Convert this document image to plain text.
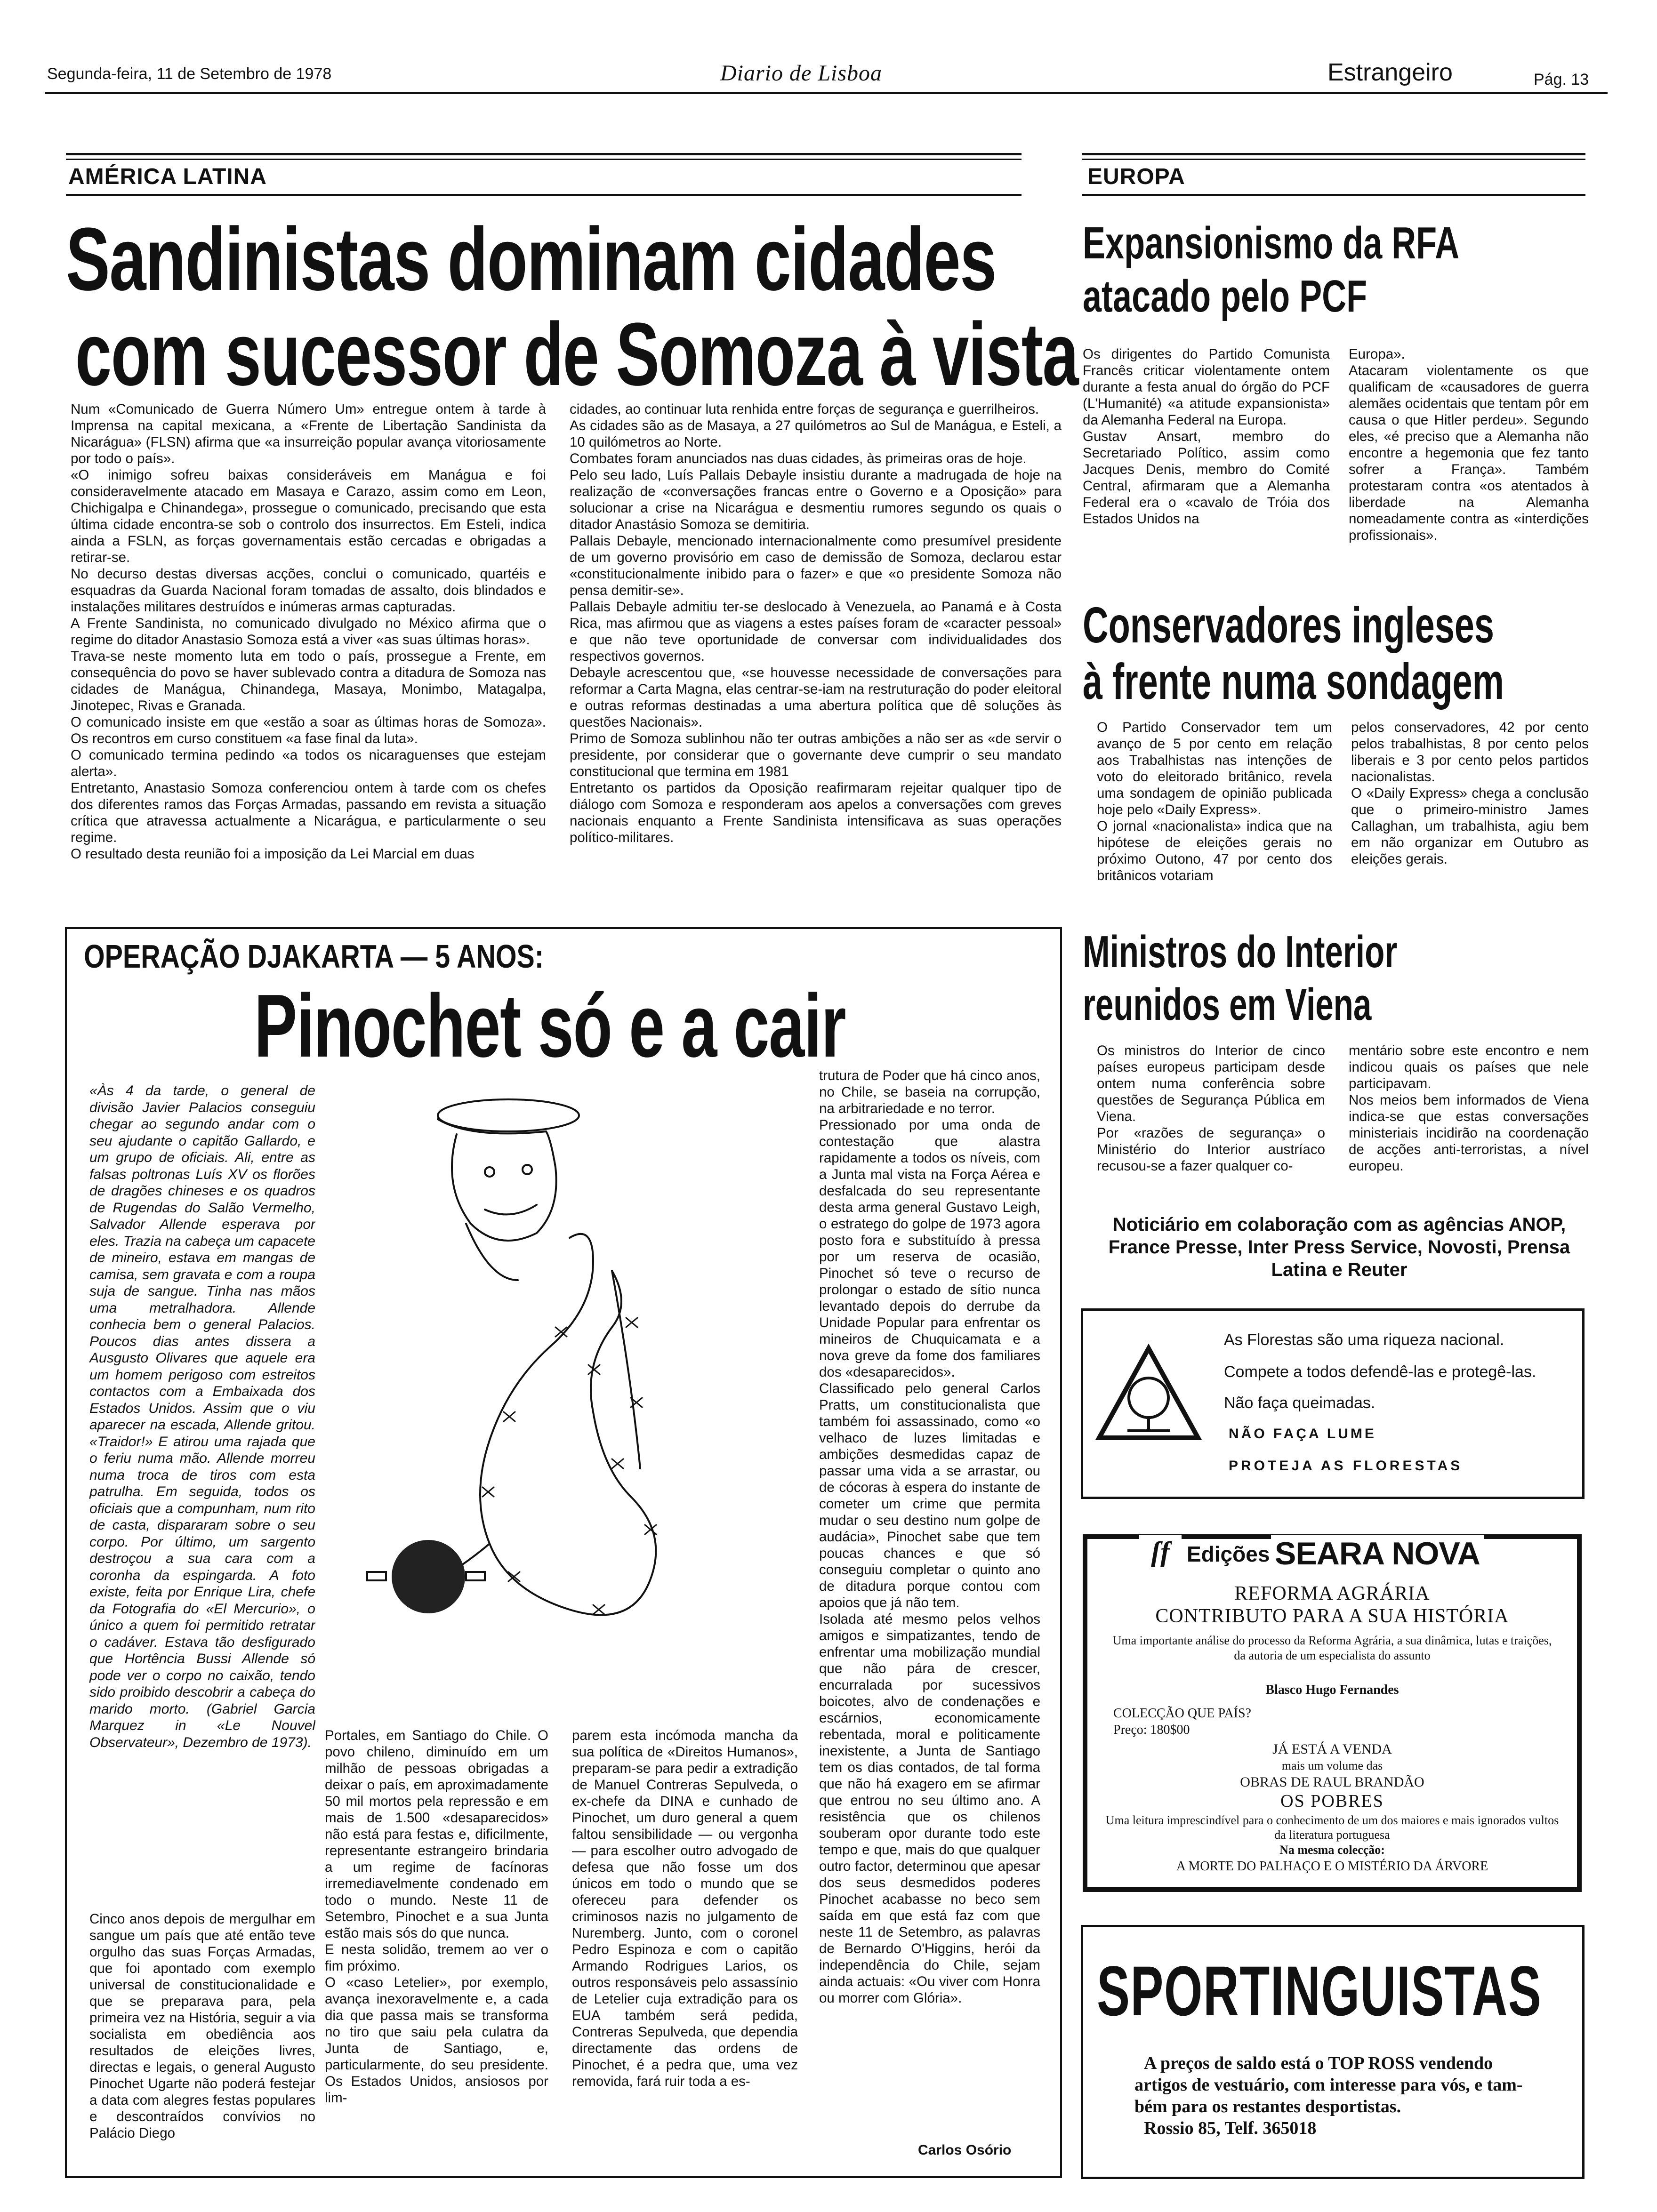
Segunda-feira, 11 de Setembro de 1978	Diario de Lisboa	Estrangeiro	Pág. 13
AMÉRICA LATINA
Sandinistas dominam cidades
com sucessor de Somoza à vista
Num «Comunicado de Guerra Número Um» entregue ontem à tarde à Imprensa na capital mexicana, a «Frente de Libertação Sandinista da Nicarágua» (FLSN) afirma que «a insurreição popular avança vitoriosamente por todo o país».
«O inimigo sofreu baixas consideráveis em Manágua e foi consideravelmente atacado em Masaya e Carazo, assim como em Leon, Chichigalpa e Chinandega», prossegue o comunicado, precisando que esta última cidade encontra-se sob o controlo dos insurrectos. Em Esteli, indica ainda a FSLN, as forças governamentais estão cercadas e obrigadas a retirar-se.
No decurso destas diversas acções, conclui o comunicado, quartéis e esquadras da Guarda Nacional foram tomadas de assalto, dois blindados e instalações militares destruídos e inúmeras armas capturadas.
A Frente Sandinista, no comunicado divulgado no México afirma que o regime do ditador Anastasio Somoza está a viver «as suas últimas horas».
Trava-se neste momento luta em todo o país, prossegue a Frente, em consequência do povo se haver sublevado contra a ditadura de Somoza nas cidades de Manágua, Chinandega, Masaya, Monimbo, Matagalpa, Jinotepec, Rivas e Granada.
O comunicado insiste em que «estão a soar as últimas horas de Somoza». Os recontros em curso constituem «a fase final da luta».
O comunicado termina pedindo «a todos os nicaraguenses que estejam alerta».
Entretanto, Anastasio Somoza conferenciou ontem à tarde com os chefes dos diferentes ramos das Forças Armadas, passando em revista a situação crítica que atravessa actualmente a Nicarágua, e particularmente o seu regime.
O resultado desta reunião foi a imposição da Lei Marcial em duas
cidades, ao continuar luta renhida entre forças de segurança e guerrilheiros.
As cidades são as de Masaya, a 27 quilómetros ao Sul de Manágua, e Esteli, a 10 quilómetros ao Norte.
Combates foram anunciados nas duas cidades, às primeiras oras de hoje.
Pelo seu lado, Luís Pallais Debayle insistiu durante a madrugada de hoje na realização de «conversações francas entre o Governo e a Oposição» para solucionar a crise na Nicarágua e desmentiu rumores segundo os quais o ditador Anastásio Somoza se demitiria.
Pallais Debayle, mencionado internacionalmente como presumível presidente de um governo provisório em caso de demissão de Somoza, declarou estar «constitucionalmente inibido para o fazer» e que «o presidente Somoza não pensa demitir-se».
Pallais Debayle admitiu ter-se deslocado à Venezuela, ao Panamá e à Costa Rica, mas afirmou que as viagens a estes países foram de «caracter pessoal» e que não teve oportunidade de conversar com individualidades dos respectivos governos.
Debayle acrescentou que, «se houvesse necessidade de conversações para reformar a Carta Magna, elas centrar-se-iam na restruturação do poder eleitoral e outras reformas destinadas a uma abertura política que dê soluções às questões Nacionais».
Primo de Somoza sublinhou não ter outras ambições a não ser as «de servir o presidente, por considerar que o governante deve cumprir o seu mandato constitucional que termina em 1981
Entretanto os partidos da Oposição reafirmaram rejeitar qualquer tipo de diálogo com Somoza e responderam aos apelos a conversações com greves nacionais enquanto a Frente Sandinista intensificava as suas operações político-militares.
EUROPA
Expansionismo da RFA
atacado pelo PCF
Os dirigentes do Partido Comunista Francês criticar violentamente ontem durante a festa anual do órgão do PCF (L'Humanité) «a atitude expansionista» da Alemanha Federal na Europa.
Gustav Ansart, membro do Secretariado Político, assim como Jacques Denis, membro do Comité Central, afirmaram que a Alemanha Federal era o «cavalo de Tróia dos Estados Unidos na
Europa».
Atacaram violentamente os que qualificam de «causadores de guerra alemães ocidentais que tentam pôr em causa o que Hitler perdeu». Segundo eles, «é preciso que a Alemanha não encontre a hegemonia que fez tanto sofrer a França». Também protestaram contra «os atentados à liberdade na Alemanha nomeadamente contra as «interdições profissionais».
Conservadores ingleses
à frente numa sondagem
O Partido Conservador tem um avanço de 5 por cento em relação aos Trabalhistas nas intenções de voto do eleitorado britânico, revela uma sondagem de opinião publicada hoje pelo «Daily Express».
O jornal «nacionalista» indica que na hipótese de eleições gerais no próximo Outono, 47 por cento dos britânicos votariam
pelos conservadores, 42 por cento pelos trabalhistas, 8 por cento pelos liberais e 3 por cento pelos partidos nacionalistas.
O «Daily Express» chega a conclusão que o primeiro-ministro James Callaghan, um trabalhista, agiu bem em não organizar em Outubro as eleições gerais.
Ministros do Interior
reunidos em Viena
Os ministros do Interior de cinco países europeus participam desde ontem numa conferência sobre questões de Segurança Pública em Viena.
Por «razões de segurança» o Ministério do Interior austríaco recusou-se a fazer qualquer co-
mentário sobre este encontro e nem indicou quais os países que nele participavam.
Nos meios bem informados de Viena indica-se que estas conversações ministeriais incidirão na coordenação de acções anti-terroristas, a nível europeu.
Noticiário em colaboração com as agências ANOP, France Presse, Inter Press Service, Novosti, Prensa Latina e Reuter
OPERAÇÃO DJAKARTA — 5 ANOS:
Pinochet só e a cair
«Às 4 da tarde, o general de divisão Javier Palacios conseguiu chegar ao segundo andar com o seu ajudante o capitão Gallardo, e um grupo de oficiais. Ali, entre as falsas poltronas Luís XV os florões de dragões chineses e os quadros de Rugendas do Salão Vermelho, Salvador Allende esperava por eles. Trazia na cabeça um capacete de mineiro, estava em mangas de camisa, sem gravata e com a roupa suja de sangue. Tinha nas mãos uma metralhadora. Allende conhecia bem o general Palacios. Poucos dias antes dissera a Ausgusto Olivares que aquele era um homem perigoso com estreitos contactos com a Embaixada dos Estados Unidos. Assim que o viu aparecer na escada, Allende gritou. «Traidor!» E atirou uma rajada que o feriu numa mão. Allende morreu numa troca de tiros com esta patrulha. Em seguida, todos os oficiais que a compunham, num rito de casta, dispararam sobre o seu corpo. Por último, um sargento destroçou a sua cara com a coronha da espingarda. A foto existe, feita por Enrique Lira, chefe da Fotografia do «El Mercurio», o único a quem foi permitido retratar o cadáver. Estava tão desfigurado que Hortência Bussi Allende só pode ver o corpo no caixão, tendo sido proibido descobrir a cabeça do marido morto. (Gabriel Garcia Marquez in «Le Nouvel Observateur», Dezembro de 1973).
Cinco anos depois de mergulhar em sangue um país que até então teve orgulho das suas Forças Armadas, que foi apontado com exemplo universal de constitucionalidade e que se preparava para, pela primeira vez na História, seguir a via socialista em obediência aos resultados de eleições livres, directas e legais, o general Augusto Pinochet Ugarte não poderá festejar a data com alegres festas populares e descontraídos convívios no Palácio Diego
Portales, em Santiago do Chile. O povo chileno, diminuído em um milhão de pessoas obrigadas a deixar o país, em aproximadamente 50 mil mortos pela repressão e em mais de 1.500 «desaparecidos» não está para festas e, dificilmente, representante estrangeiro brindaria a um regime de facínoras irremediavelmente condenado em todo o mundo. Neste 11 de Setembro, Pinochet e a sua Junta estão mais sós do que nunca.
E nesta solidão, tremem ao ver o fim próximo.
O «caso Letelier», por exemplo, avança inexoravelmente e, a cada dia que passa mais se transforma no tiro que saiu pela culatra da Junta de Santiago, e, particularmente, do seu presidente. Os Estados Unidos, ansiosos por lim-
parem esta incómoda mancha da sua política de «Direitos Humanos», preparam-se para pedir a extradição de Manuel Contreras Sepulveda, o ex-chefe da DINA e cunhado de Pinochet, um duro general a quem faltou sensibilidade — ou vergonha — para escolher outro advogado de defesa que não fosse um dos únicos em todo o mundo que se ofereceu para defender os criminosos nazis no julgamento de Nuremberg. Junto, com o coronel Pedro Espinoza e com o capitão Armando Rodrigues Larios, os outros responsáveis pelo assassínio de Letelier cuja extradição para os EUA também será pedida, Contreras Sepulveda, que dependia directamente das ordens de Pinochet, é a pedra que, uma vez removida, fará ruir toda a es-
trutura de Poder que há cinco anos, no Chile, se baseia na corrupção, na arbitrariedade e no terror.
Pressionado por uma onda de contestação que alastra rapidamente a todos os níveis, com a Junta mal vista na Força Aérea e desfalcada do seu representante desta arma general Gustavo Leigh, o estratego do golpe de 1973 agora posto fora e substituído à pressa por um reserva de ocasião, Pinochet só teve o recurso de prolongar o estado de sítio nunca levantado depois do derrube da Unidade Popular para enfrentar os mineiros de Chuquicamata e a nova greve da fome dos familiares dos «desaparecidos».
Classificado pelo general Carlos Pratts, um constitucionalista que também foi assassinado, como «o velhaco de luzes limitadas e ambições desmedidas capaz de passar uma vida a se arrastar, ou de cócoras à espera do instante de cometer um crime que permita mudar o seu destino num golpe de audácia», Pinochet sabe que tem poucas chances e que só conseguiu completar o quinto ano de ditadura porque contou com apoios que já não tem.
Isolada até mesmo pelos velhos amigos e simpatizantes, tendo de enfrentar uma mobilização mundial que não pára de crescer, encurralada por sucessivos boicotes, alvo de condenações e escárnios, economicamente rebentada, moral e politicamente inexistente, a Junta de Santiago tem os dias contados, de tal forma que não há exagero em se afirmar que entrou no seu último ano. A resistência que os chilenos souberam opor durante todo este tempo e que, mais do que qualquer outro factor, determinou que apesar dos seus desmedidos poderes Pinochet acabasse no beco sem saída em que está faz com que neste 11 de Setembro, as palavras de Bernardo O'Higgins, herói da independência do Chile, sejam ainda actuais: «Ou viver com Honra ou morrer com Glória».
Carlos Osório
As Florestas são uma riqueza nacional.
Compete a todos defendê-las e protegê-las.
Não faça queimadas.
NÃO FAÇA LUME
PROTEJA AS FLORESTAS
ſf Edições SEARA NOVA
REFORMA AGRÁRIA
CONTRIBUTO PARA A SUA HISTÓRIA
Uma importante análise do processo da Reforma Agrária, a sua dinâmica, lutas e traições, da autoria de um especialista do assunto
Blasco Hugo Fernandes
COLECÇÃO QUE PAÍS?
Preço: 180$00
JÁ ESTÁ A VENDA
mais um volume das
OBRAS DE RAUL BRANDÃO
OS POBRES
Uma leitura imprescindível para o conhecimento de um dos maiores e mais ignorados vultos da literatura portuguesa
Na mesma colecção:
A MORTE DO PALHAÇO E O MISTÉRIO DA ÁRVORE
SPORTINGUISTAS
A preços de saldo está o TOP ROSS vendendo
artigos de vestuário, com interesse para vós, e tam-
bém para os restantes desportistas.
Rossio 85, Telf. 365018
